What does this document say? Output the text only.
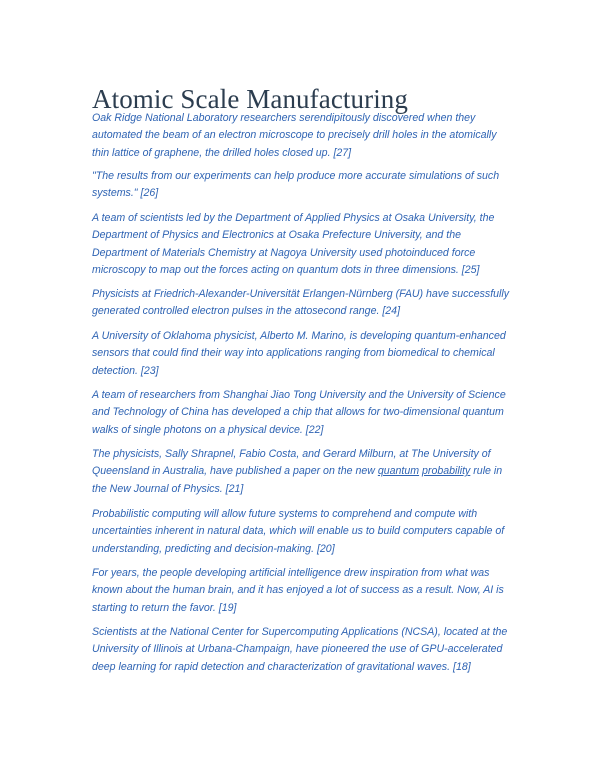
Atomic Scale Manufacturing

Oak Ridge National Laboratory researchers serendipitously discovered when they
automated the beam of an electron microscope to precisely drill holes in the atomically
thin lattice of graphene, the drilled holes closed up. [27]

"The results from our experiments can help produce more accurate simulations of such
systems." [26]

A team of scientists led by the Department of Applied Physics at Osaka University, the
Department of Physics and Electronics at Osaka Prefecture University, and the
Department of Materials Chemistry at Nagoya University used photoinduced force
microscopy to map out the forces acting on quantum dots in three dimensions. [25]

Physicists at Friedrich-Alexander-Universität Erlangen-Nürnberg (FAU) have successfully
generated controlled electron pulses in the attosecond range. [24]

A University of Oklahoma physicist, Alberto M. Marino, is developing quantum-enhanced
sensors that could find their way into applications ranging from biomedical to chemical
detection. [23]

A team of researchers from Shanghai Jiao Tong University and the University of Science
and Technology of China has developed a chip that allows for two-dimensional quantum
walks of single photons on a physical device. [22]

The physicists, Sally Shrapnel, Fabio Costa, and Gerard Milburn, at The University of
Queensland in Australia, have published a paper on the new quantum probability rule in
the New Journal of Physics. [21]

Probabilistic computing will allow future systems to comprehend and compute with
uncertainties inherent in natural data, which will enable us to build computers capable of
understanding, predicting and decision-making. [20]

For years, the people developing artificial intelligence drew inspiration from what was
known about the human brain, and it has enjoyed a lot of success as a result. Now, AI is
starting to return the favor. [19]

Scientists at the National Center for Supercomputing Applications (NCSA), located at the
University of Illinois at Urbana-Champaign, have pioneered the use of GPU-accelerated
deep learning for rapid detection and characterization of gravitational waves. [18]
